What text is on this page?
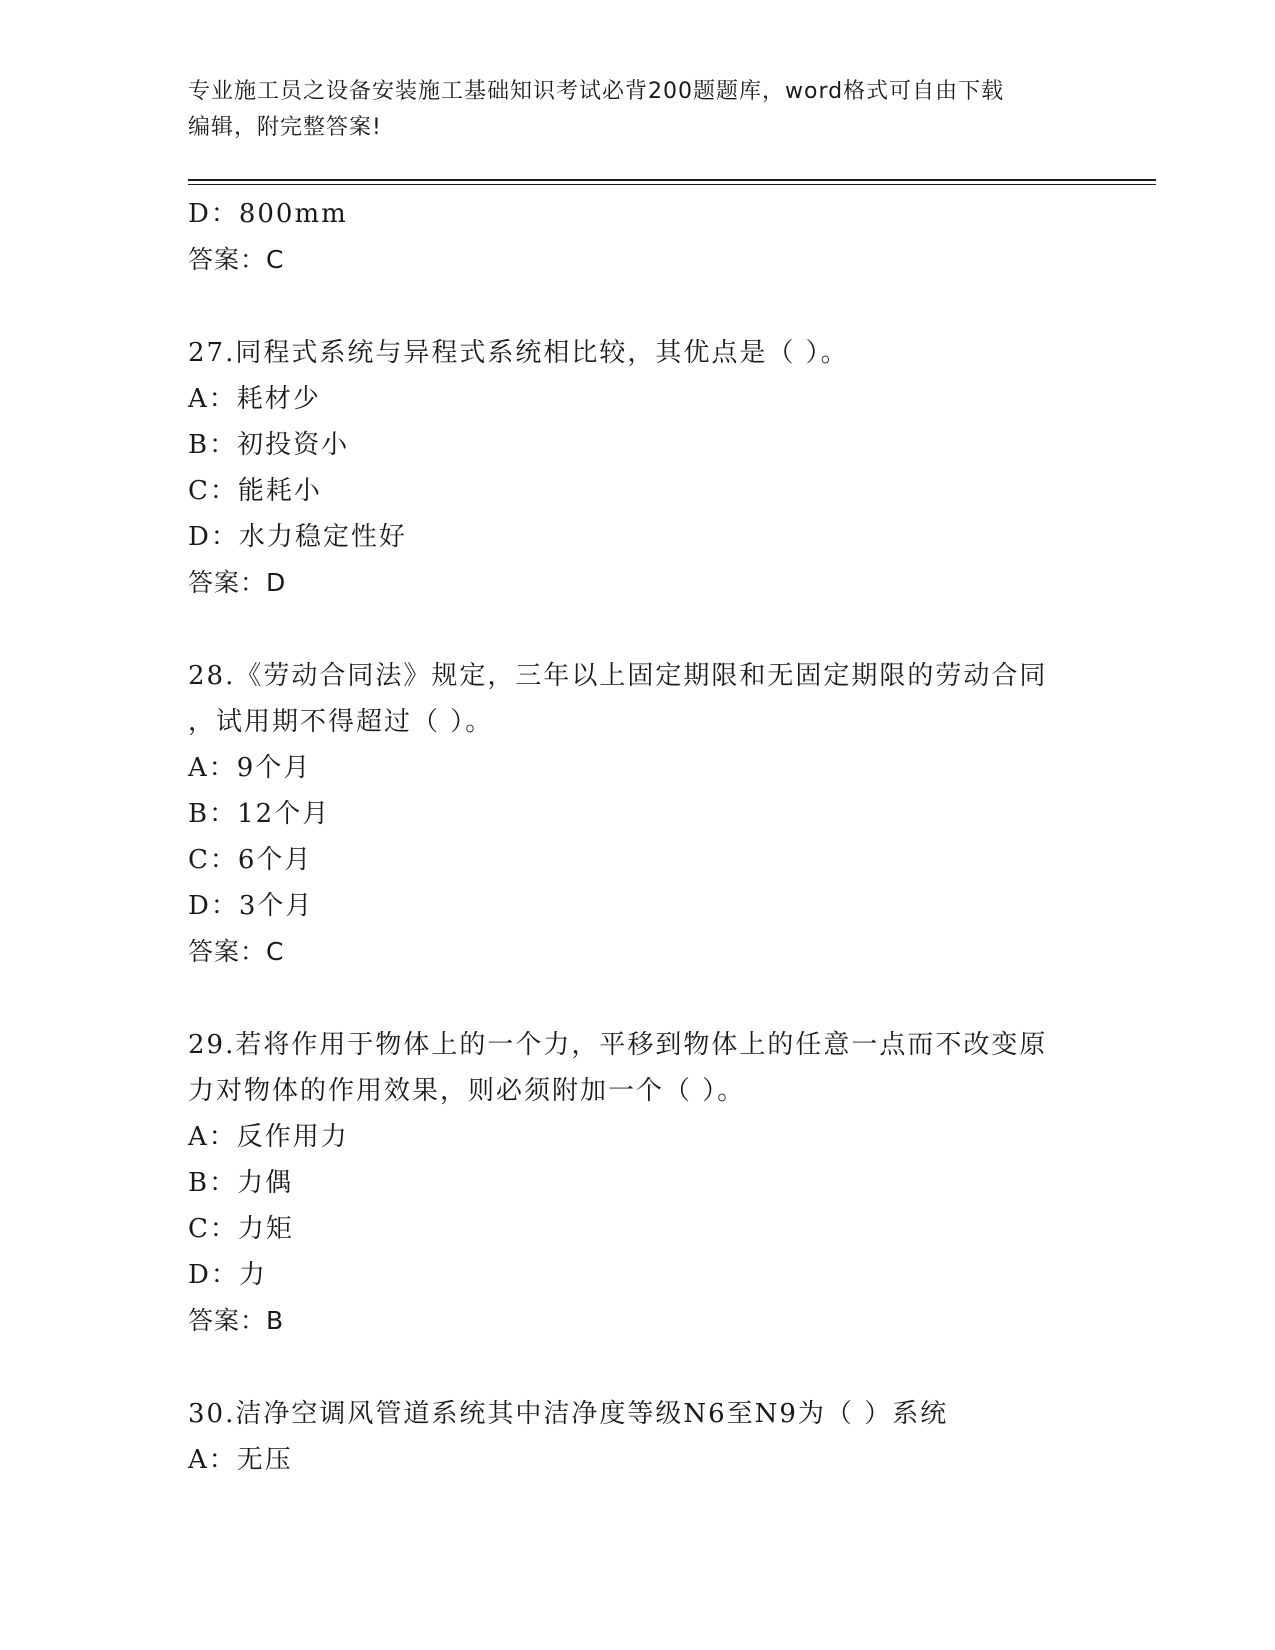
专业施工员之设备安装施工基础知识考试必背200题题库，word格式可自由下载
编辑，附完整答案!
D：800mm
答案：C
27.同程式系统与异程式系统相比较，其优点是（ ）。
A：耗材少
B：初投资小
C：能耗小
D：水力稳定性好
答案：D
28.《劳动合同法》规定，三年以上固定期限和无固定期限的劳动合同
，试用期不得超过（ ）。
A：9个月
B：12个月
C：6个月
D：3个月
答案：C
29.若将作用于物体上的一个力，平移到物体上的任意一点而不改变原
力对物体的作用效果，则必须附加一个（ ）。
A：反作用力
B：力偶
C：力矩
D：力
答案：B
30.洁净空调风管道系统其中洁净度等级N6至N9为（ ）系统
A：无压
